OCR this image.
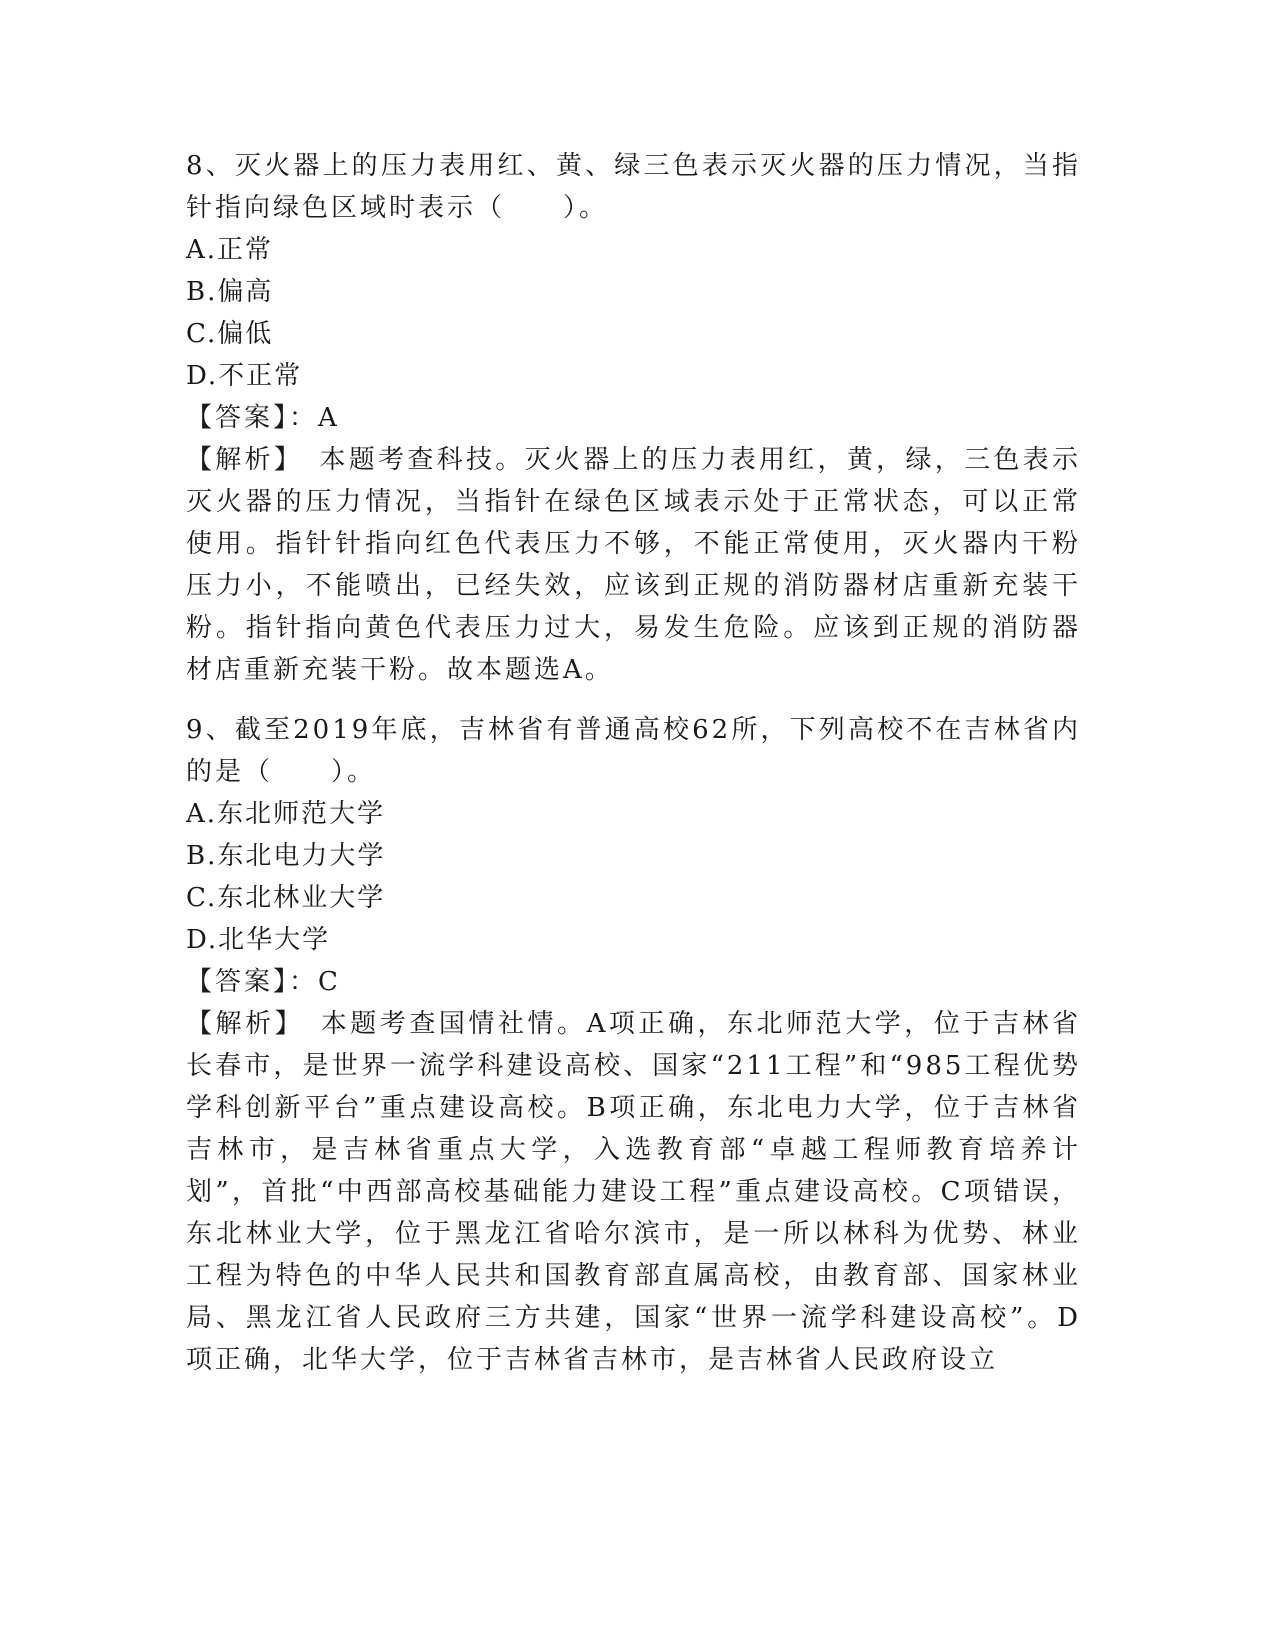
8、灭火器上的压力表用红、黄、绿三色表示灭火器的压力情况，当指针指向绿色区域时表示（　　）。

A.正常

B.偏高

C.偏低

D.不正常

【答案】：A

【解析】　本题考查科技。灭火器上的压力表用红，黄，绿，三色表示灭火器的压力情况，当指针在绿色区域表示处于正常状态，可以正常使用。指针针指向红色代表压力不够，不能正常使用，灭火器内干粉压力小，不能喷出，已经失效，应该到正规的消防器材店重新充装干粉。指针指向黄色代表压力过大，易发生危险。应该到正规的消防器材店重新充装干粉。故本题选A。

9、截至2019年底，吉林省有普通高校62所，下列高校不在吉林省内的是（　　）。

A.东北师范大学

B.东北电力大学

C.东北林业大学

D.北华大学

【答案】：C

【解析】　本题考查国情社情。A项正确，东北师范大学，位于吉林省长春市，是世界一流学科建设高校、国家“211工程”和“985工程优势学科创新平台”重点建设高校。B项正确，东北电力大学，位于吉林省吉林市，是吉林省重点大学，入选教育部“卓越工程师教育培养计划”，首批“中西部高校基础能力建设工程”重点建设高校。C项错误，东北林业大学，位于黑龙江省哈尔滨市，是一所以林科为优势、林业工程为特色的中华人民共和国教育部直属高校，由教育部、国家林业局、黑龙江省人民政府三方共建，国家“世界一流学科建设高校”。D项正确，北华大学，位于吉林省吉林市，是吉林省人民政府设立
